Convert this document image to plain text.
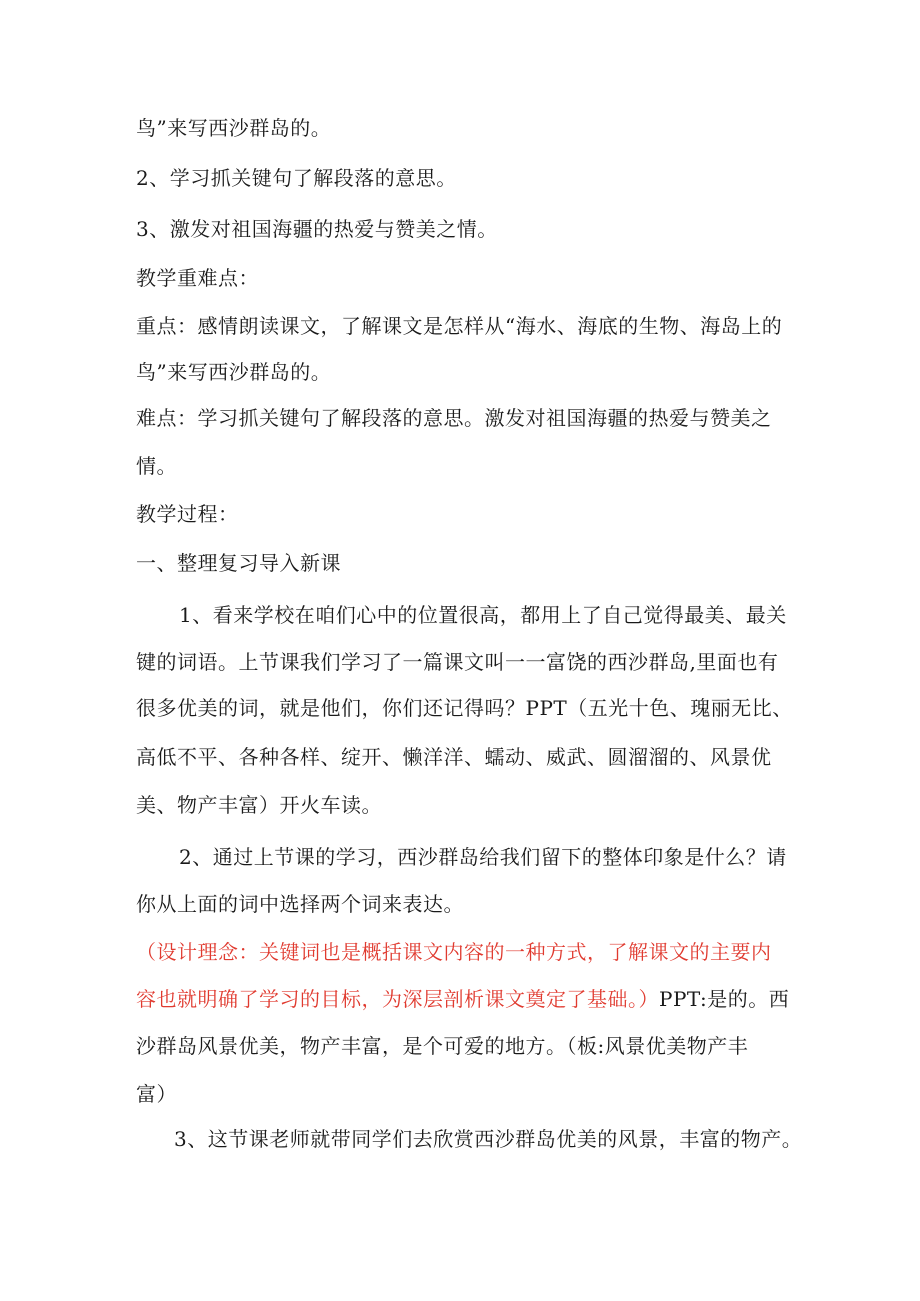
鸟”来写西沙群岛的。
2、学习抓关键句了解段落的意思。
3、激发对祖国海疆的热爱与赞美之情。
教学重难点：
重点：感情朗读课文，了解课文是怎样从“海水、海底的生物、海岛上的
鸟”来写西沙群岛的。
难点：学习抓关键句了解段落的意思。激发对祖国海疆的热爱与赞美之
情。
教学过程：
一、整理复习导入新课
1、看来学校在咱们心中的位置很高，都用上了自己觉得最美、最关
键的词语。上节课我们学习了一篇课文叫一一富饶的西沙群岛,里面也有
很多优美的词，就是他们，你们还记得吗？PPT（五光十色、瑰丽无比、
高低不平、各种各样、绽开、懒洋洋、蠕动、威武、圆溜溜的、风景优
美、物产丰富）开火车读。
2、通过上节课的学习，西沙群岛给我们留下的整体印象是什么？请
你从上面的词中选择两个词来表达。
（设计理念：关键词也是概括课文内容的一种方式，了解课文的主要内
容也就明确了学习的目标，为深层剖析课文奠定了基础。）PPT:是的。西
沙群岛风景优美，物产丰富，是个可爱的地方。（板:风景优美物产丰
富）
3、这节课老师就带同学们去欣赏西沙群岛优美的风景，丰富的物产。
